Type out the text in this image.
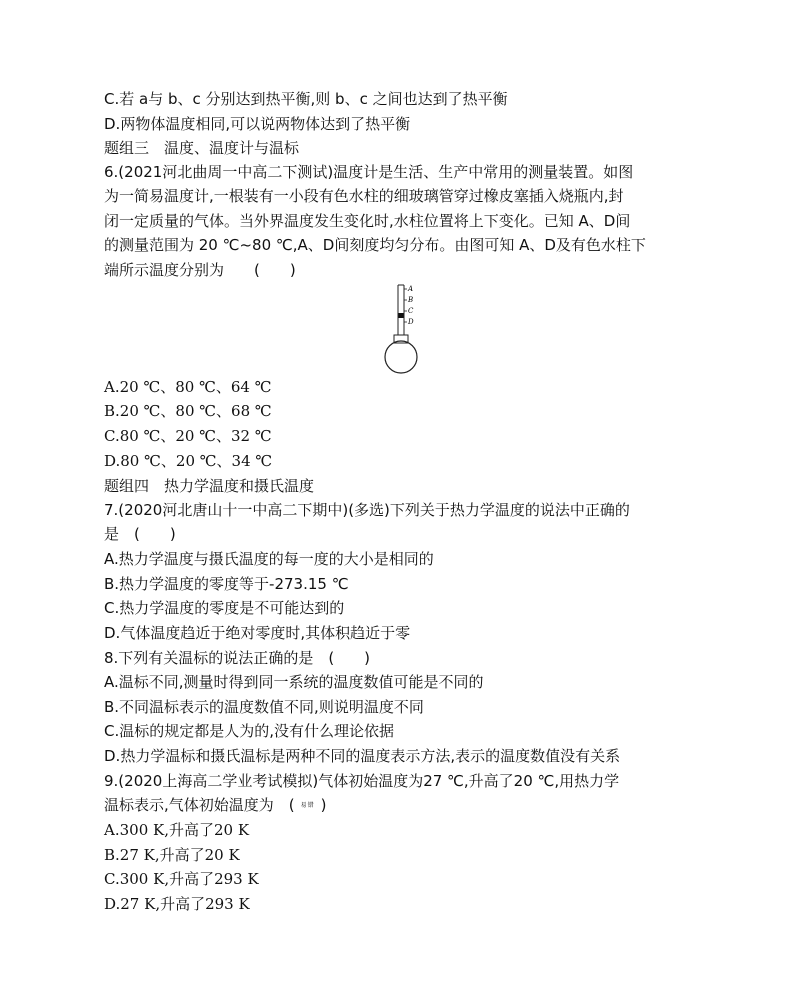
C.若 a与 b、c 分别达到热平衡,则 b、c 之间也达到了热平衡
D.两物体温度相同,可以说两物体达到了热平衡
题组三　温度、温度计与温标
6.(2021河北曲周一中高二下测试)温度计是生活、生产中常用的测量装置。如图
为一简易温度计,一根装有一小段有色水柱的细玻璃管穿过橡皮塞插入烧瓶内,封
闭一定质量的气体。当外界温度发生变化时,水柱位置将上下变化。已知 A、D间
的测量范围为 20 ℃~80 ℃,A、D间刻度均匀分布。由图可知 A、D及有色水柱下
端所示温度分别为　　(　　)
A
B
C
D
A.20 ℃、80 ℃、64 ℃
B.20 ℃、80 ℃、68 ℃
C.80 ℃、20 ℃、32 ℃
D.80 ℃、20 ℃、34 ℃
题组四　热力学温度和摄氏温度
7.(2020河北唐山十一中高二下期中)(多选)下列关于热力学温度的说法中正确的
是　(　　)
A.热力学温度与摄氏温度的每一度的大小是相同的
B.热力学温度的零度等于-273.15 ℃
C.热力学温度的零度是不可能达到的
D.气体温度趋近于绝对零度时,其体积趋近于零
8.下列有关温标的说法正确的是　(　　)
A.温标不同,测量时得到同一系统的温度数值可能是不同的
B.不同温标表示的温度数值不同,则说明温度不同
C.温标的规定都是人为的,没有什么理论依据
D.热力学温标和摄氏温标是两种不同的温度表示方法,表示的温度数值没有关系
9.(2020上海高二学业考试模拟)气体初始温度为27 ℃,升高了20 ℃,用热力学
温标表示,气体初始温度为　( 易错 )
A.300 K,升高了20 K
B.27 K,升高了20 K
C.300 K,升高了293 K
D.27 K,升高了293 K
